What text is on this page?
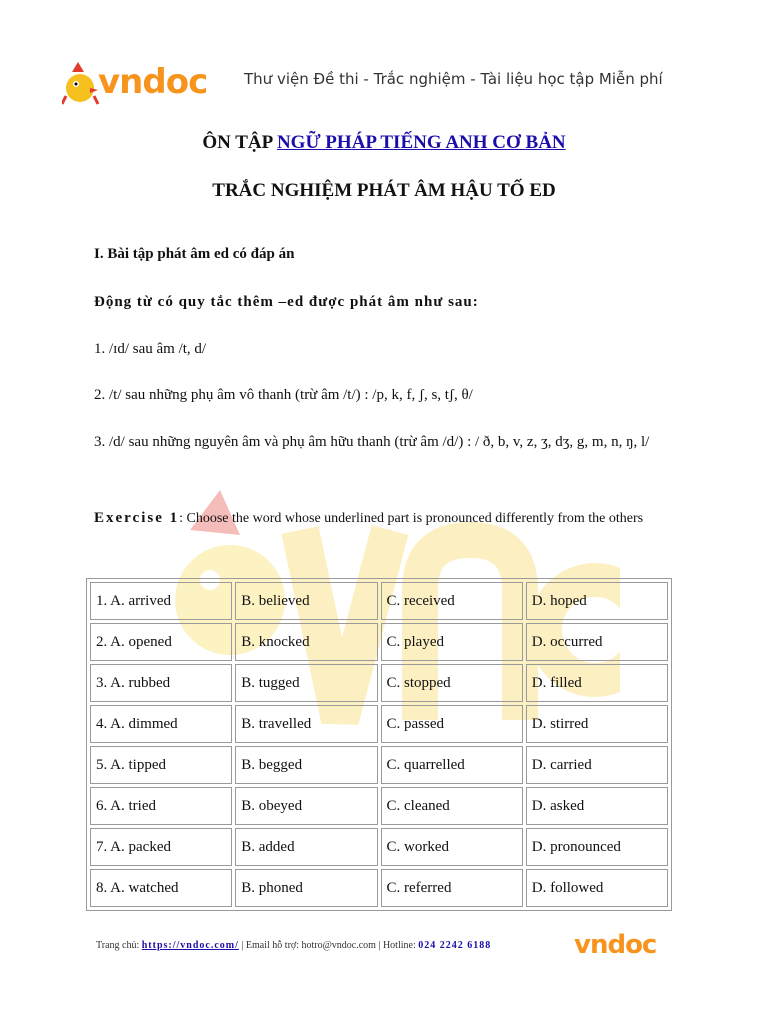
vndoc Thư viện Đề thi - Trắc nghiệm - Tài liệu học tập Miễn phí
ÔN TẬP NGỮ PHÁP TIẾNG ANH CƠ BẢN
TRẮC NGHIỆM PHÁT ÂM HẬU TỐ ED
I. Bài tập phát âm ed có đáp án
Động từ có quy tắc thêm –ed được phát âm như sau:
1. /ɪd/ sau âm /t, d/
2. /t/ sau những phụ âm vô thanh (trừ âm /t/) : /p, k, f, ʃ, s, tʃ, θ/
3. /d/ sau những nguyên âm và phụ âm hữu thanh (trừ âm /d/) : / ð, b, v, z, ʒ, dʒ, g, m, n, ŋ, l/
Exercise 1: Choose the word whose underlined part is pronounced differently from the others
1. A. arrived	B. believed	C. received	D. hoped
2. A. opened	B. knocked	C. played	D. occurred
3. A. rubbed	B. tugged	C. stopped	D. filled
4. A. dimmed	B. travelled	C. passed	D. stirred
5. A. tipped	B. begged	C. quarrelled	D. carried
6. A. tried	B. obeyed	C. cleaned	D. asked
7. A. packed	B. added	C. worked	D. pronounced
8. A. watched	B. phoned	C. referred	D. followed
Trang chủ: https://vndoc.com/ | Email hỗ trợ: hotro@vndoc.com | Hotline: 024 2242 6188	vndoc
